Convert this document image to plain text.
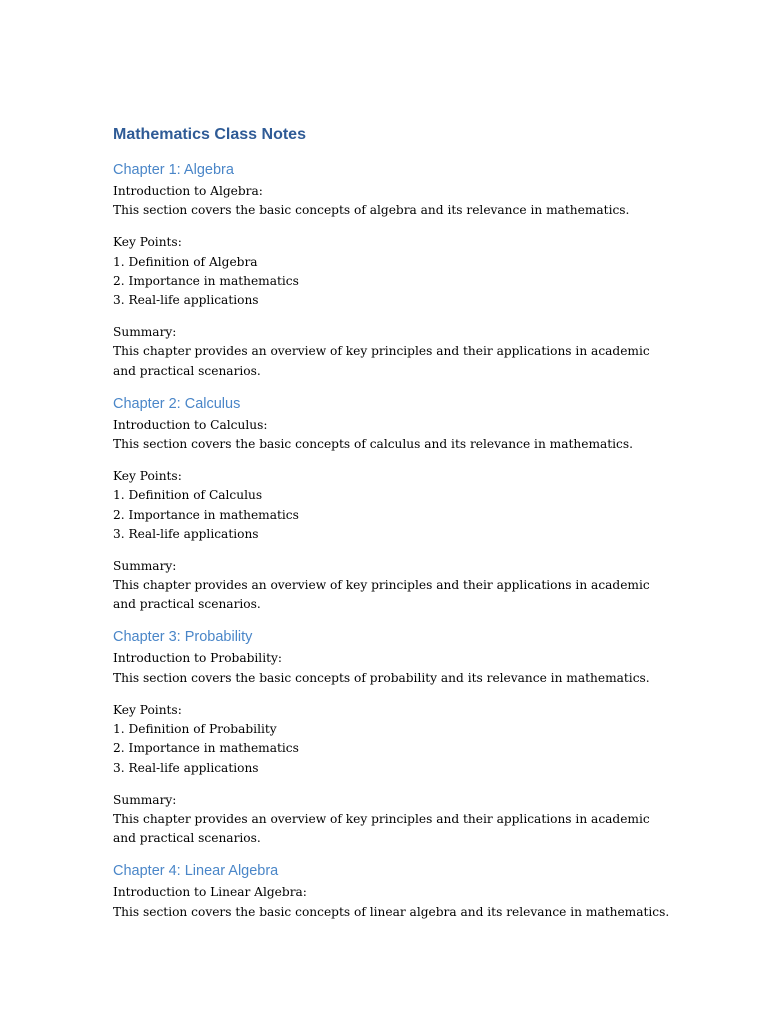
Mathematics Class Notes
Chapter 1: Algebra

Introduction to Algebra:

This section covers the basic concepts of algebra and its relevance in mathematics.

Key Points:

1. Definition of Algebra

2. Importance in mathematics

3. Real-life applications

Summary:

This chapter provides an overview of key principles and their applications in academic and practical scenarios.

Chapter 2: Calculus

Introduction to Calculus:

This section covers the basic concepts of calculus and its relevance in mathematics.

Key Points:

1. Definition of Calculus

2. Importance in mathematics

3. Real-life applications

Summary:

This chapter provides an overview of key principles and their applications in academic and practical scenarios.

Chapter 3: Probability

Introduction to Probability:

This section covers the basic concepts of probability and its relevance in mathematics.

Key Points:

1. Definition of Probability

2. Importance in mathematics

3. Real-life applications

Summary:

This chapter provides an overview of key principles and their applications in academic and practical scenarios.

Chapter 4: Linear Algebra

Introduction to Linear Algebra:

This section covers the basic concepts of linear algebra and its relevance in mathematics.
